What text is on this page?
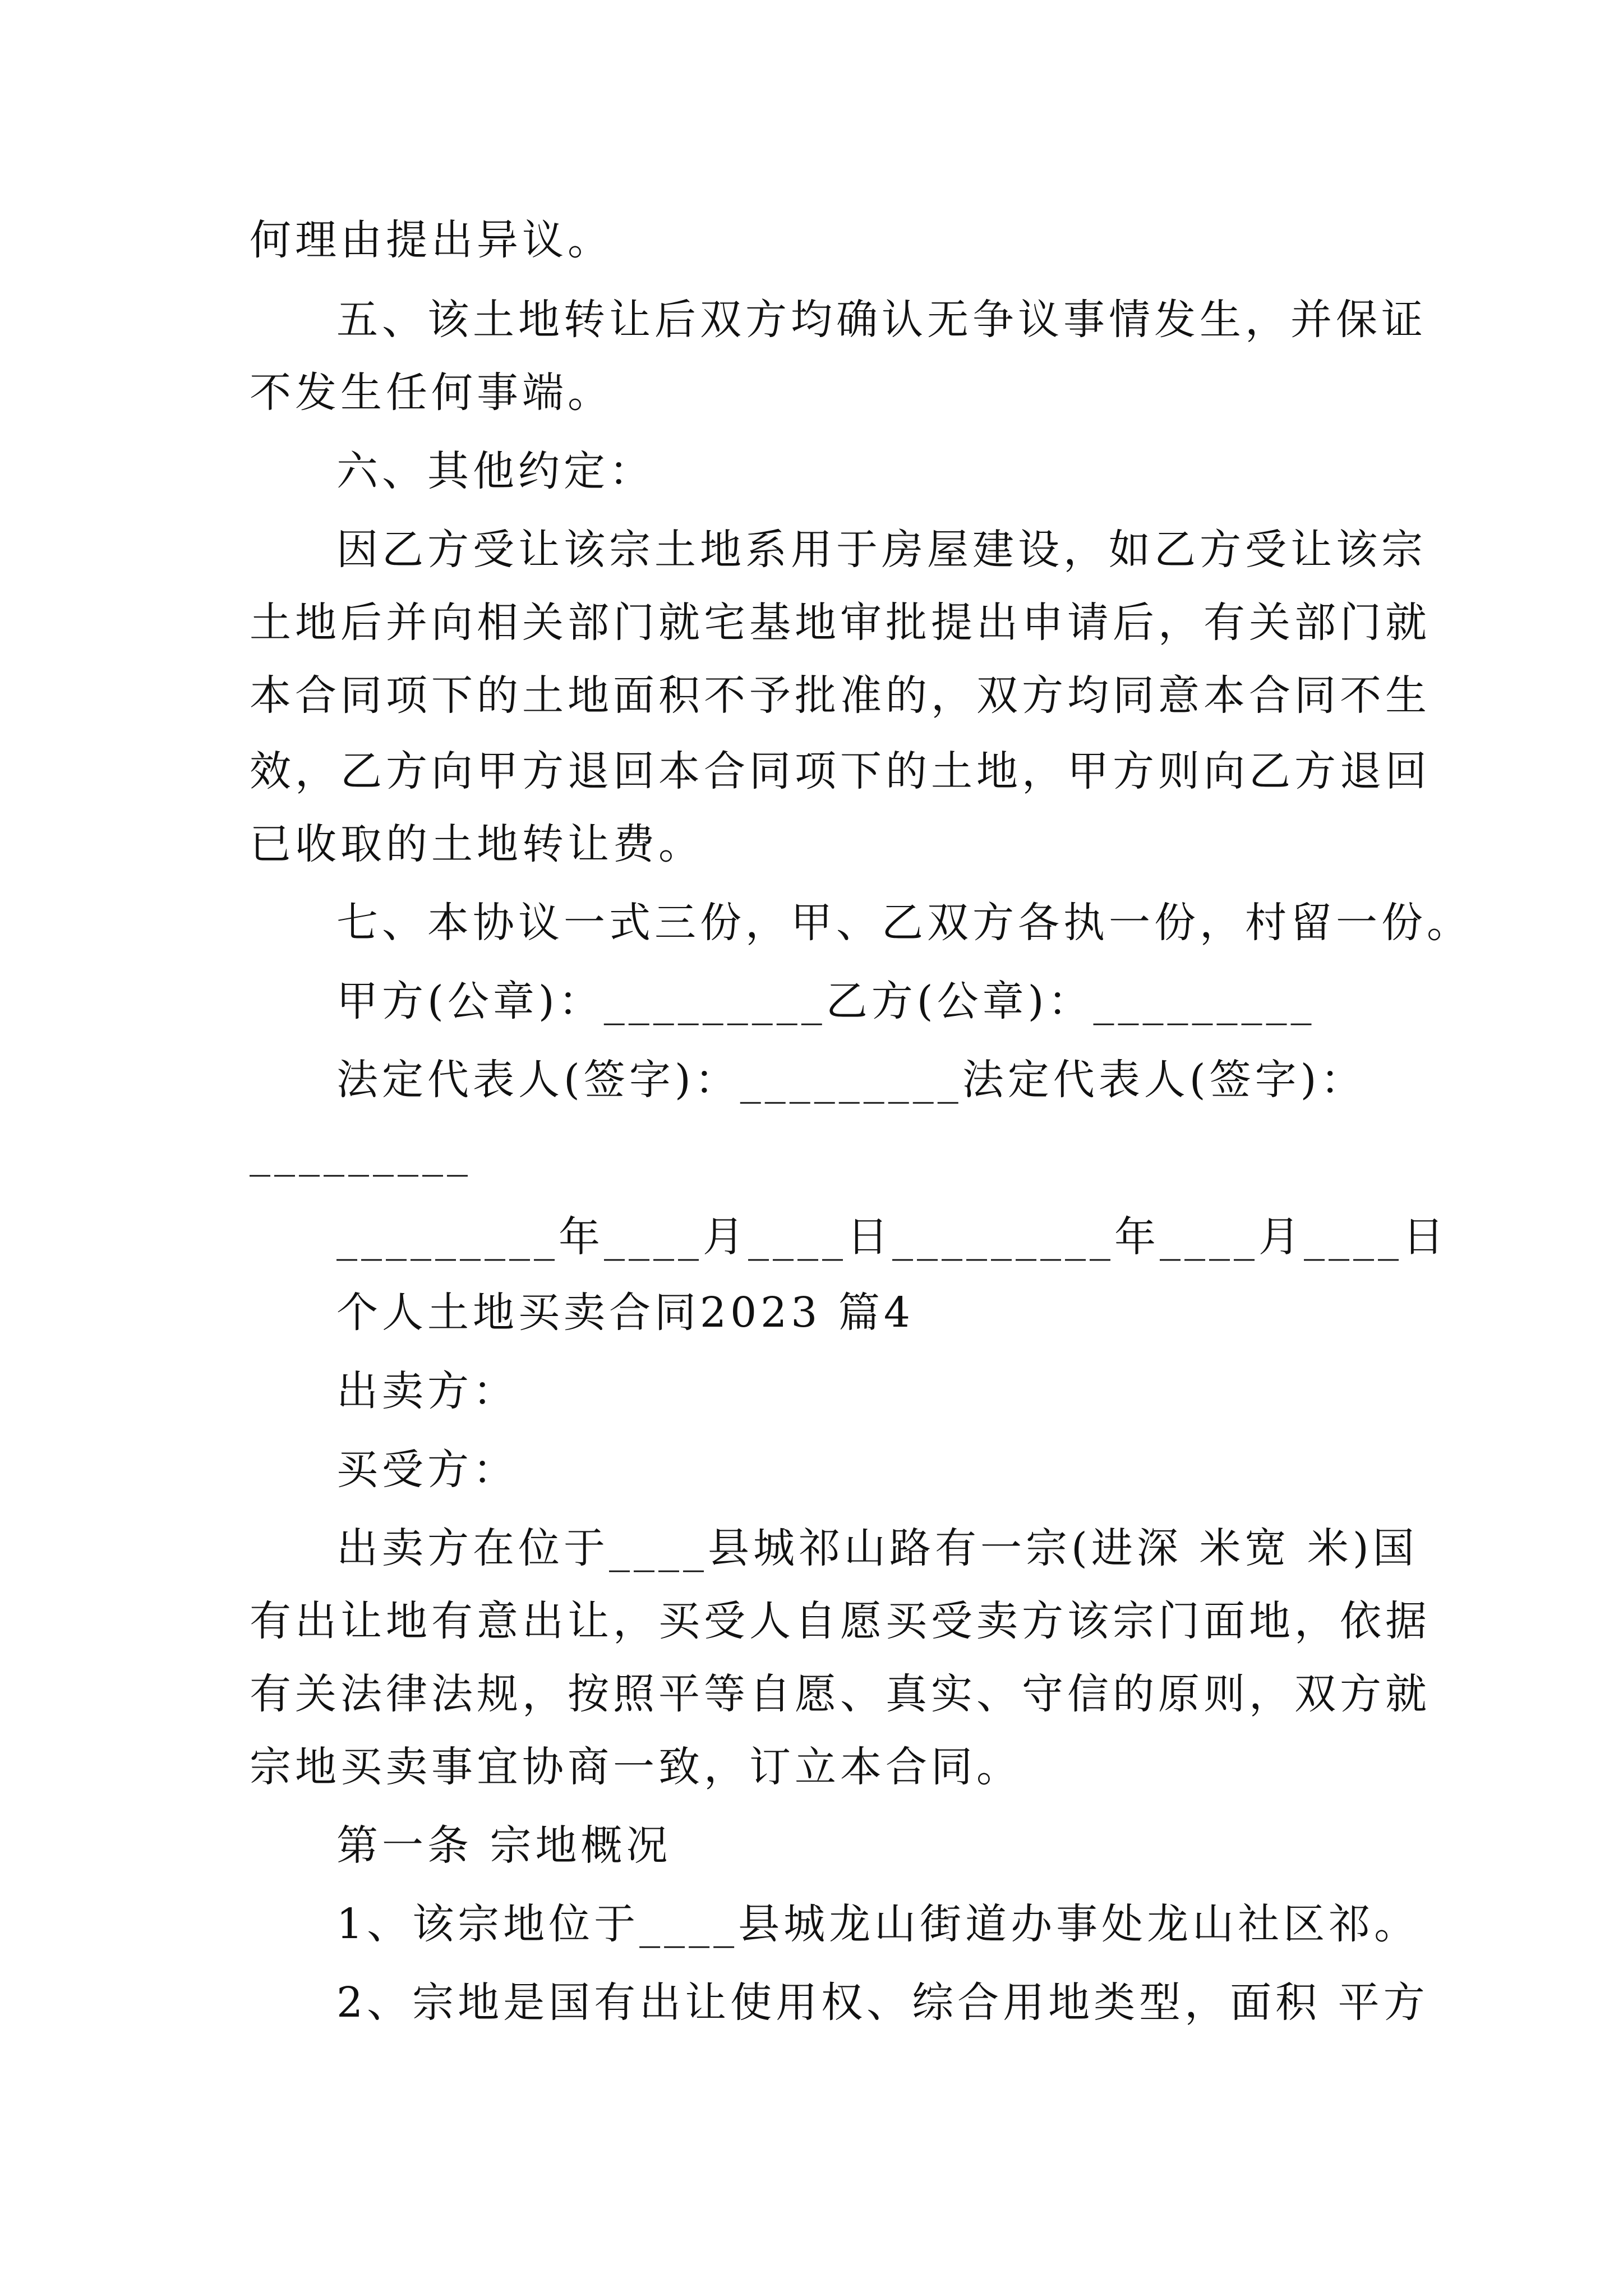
何理由提出异议。

五、该土地转让后双方均确认无争议事情发生，并保证

不发生任何事端。

六、其他约定：

因乙方受让该宗土地系用于房屋建设，如乙方受让该宗

土地后并向相关部门就宅基地审批提出申请后，有关部门就

本合同项下的土地面积不予批准的，双方均同意本合同不生

效，乙方向甲方退回本合同项下的土地，甲方则向乙方退回

已收取的土地转让费。

七、本协议一式三份，甲、乙双方各执一份，村留一份。

甲方(公章)：_________乙方(公章)：_________

法定代表人(签字)：_________法定代表人(签字)：

_________

_________年____月____日_________年____月____日

个人土地买卖合同2023 篇4

出卖方：

买受方：

出卖方在位于____县城祁山路有一宗(进深 米宽 米)国

有出让地有意出让，买受人自愿买受卖方该宗门面地，依据

有关法律法规，按照平等自愿、真实、守信的原则，双方就

宗地买卖事宜协商一致，订立本合同。

第一条 宗地概况

1、该宗地位于____县城龙山街道办事处龙山社区祁。

2、宗地是国有出让使用权、综合用地类型，面积 平方
